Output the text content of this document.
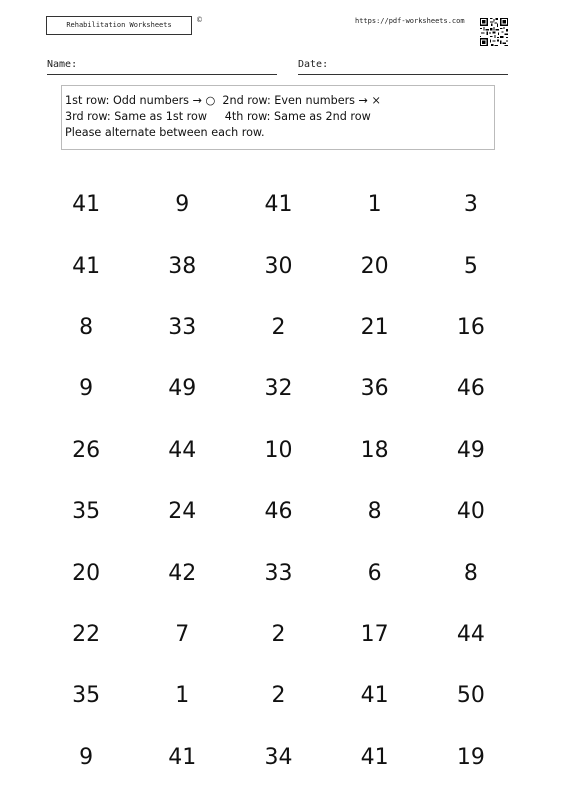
Rehabilitation Worksheets
©	https://pdf-worksheets.com
Name:	Date:
1st row: Odd numbers → ○  2nd row: Even numbers → ×
3rd row: Same as 1st row     4th row: Same as 2nd row
Please alternate between each row.
41	9	41	1	3
41	38	30	20	5
8	33	2	21	16
9	49	32	36	46
26	44	10	18	49
35	24	46	8	40
20	42	33	6	8
22	7	2	17	44
35	1	2	41	50
9	41	34	41	19
